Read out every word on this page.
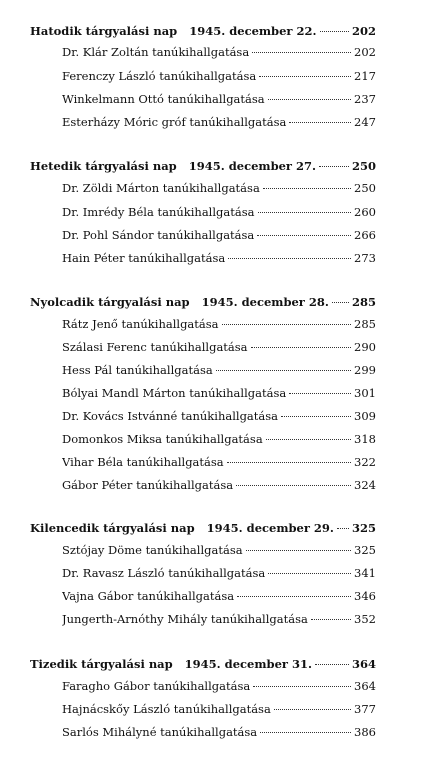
Hatodik tárgyalási nap 1945. december 22.	202
Dr. Klár Zoltán tanúkihallgatása	202
Ferenczy László tanúkihallgatása	217
Winkelmann Ottó tanúkihallgatása	237
Esterházy Móric gróf tanúkihallgatása	247
Hetedik tárgyalási nap 1945. december 27.	250
Dr. Zöldi Márton tanúkihallgatása	250
Dr. Imrédy Béla tanúkihallgatása	260
Dr. Pohl Sándor tanúkihallgatása	266
Hain Péter tanúkihallgatása	273
Nyolcadik tárgyalási nap 1945. december 28. 285
Rátz Jenő tanúkihallgatása	285
Szálasi Ferenc tanúkihallgatása	290
Hess Pál tanúkihallgatása	299
Bólyai Mandl Márton tanúkihallgatása	301
Dr. Kovács Istvánné tanúkihallgatása	309
Domonkos Miksa tanúkihallgatása	318
Vihar Béla tanúkihallgatása	322
Gábor Péter tanúkihallgatása	324
Kilencedik tárgyalási nap 1945. december 29. 325
Sztójay Döme tanúkihallgatása	325
Dr. Ravasz László tanúkihallgatása	341
Vajna Gábor tanúkihallgatása	346
Jungerth-Arnóthy Mihály tanúkihallgatása	352
Tizedik tárgyalási nap 1945. december 31.	364
Faragho Gábor tanúkihallgatása	364
Hajnácskőy László tanúkihallgatása	377
Sarlós Mihályné tanúkihallgatása	386
